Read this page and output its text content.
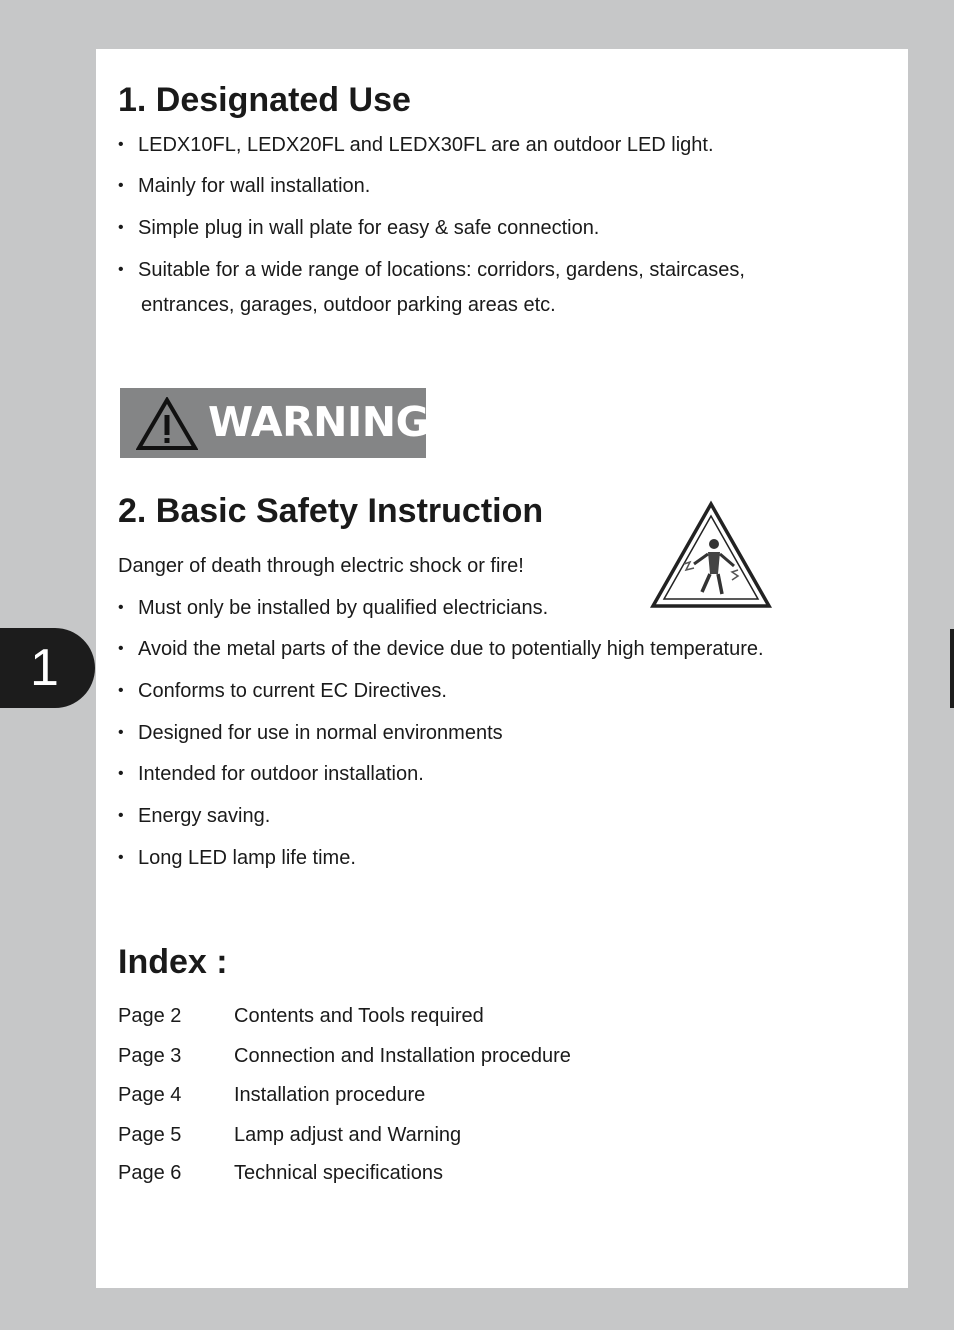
1. Designated Use
• LEDX10FL, LEDX20FL and LEDX30FL are an outdoor LED light.
• Mainly for wall installation.
• Simple plug in wall plate for easy & safe connection.
• Suitable for a wide range of locations: corridors, gardens, staircases,
entrances, garages, outdoor parking areas etc.
WARNING
2. Basic Safety Instruction
Danger of death through electric shock or fire!
• Must only be installed by qualified electricians.
• Avoid the metal parts of the device due to potentially high temperature.
• Conforms to current EC Directives.
• Designed for use in normal environments
• Intended for outdoor installation.
• Energy saving.
• Long LED lamp life time.
Index :
Page 2	Contents and Tools required
Page 3	Connection and Installation procedure
Page 4	Installation procedure
Page 5	Lamp adjust and Warning
Page 6	Technical specifications
1
